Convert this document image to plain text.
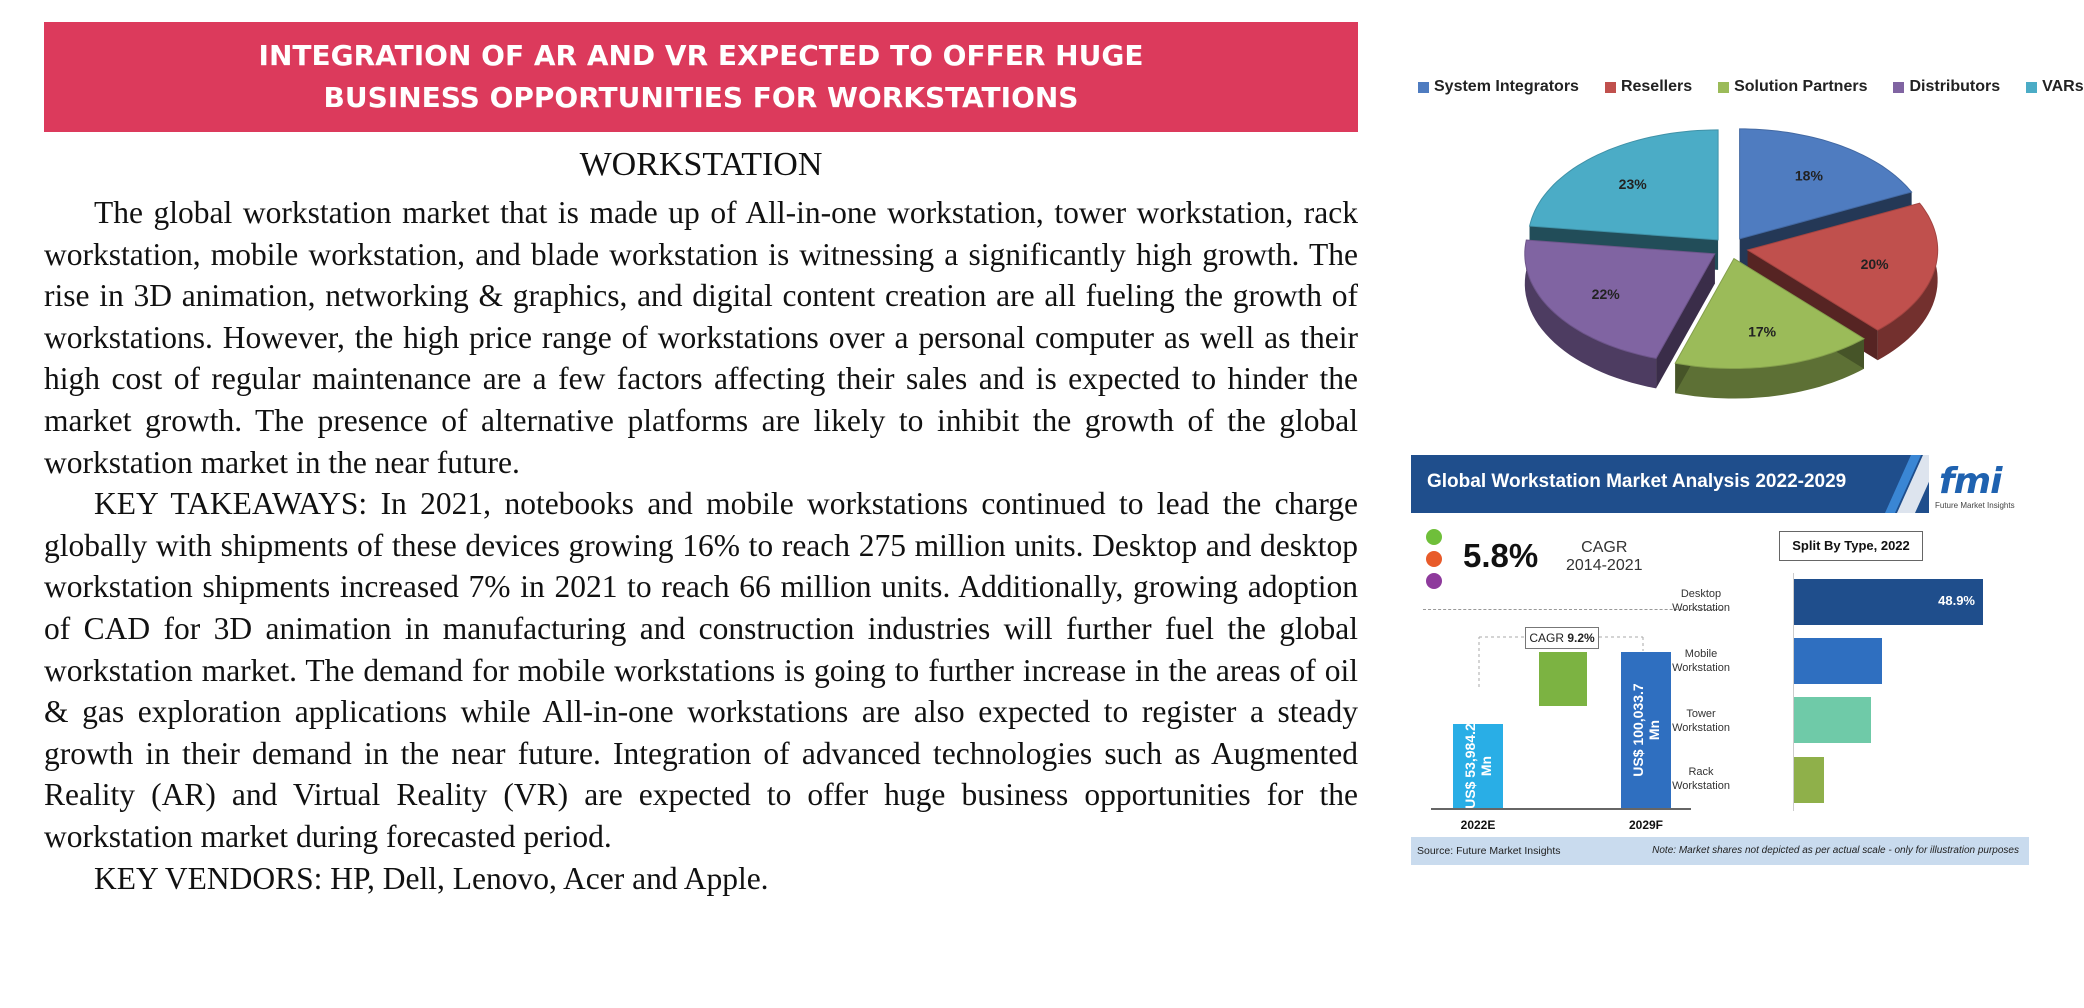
INTEGRATION OF AR AND VR EXPECTED TO OFFER HUGE
BUSINESS OPPORTUNITIES FOR WORKSTATIONS
WORKSTATION

The global workstation market that is made up of All-in-one workstation, tower workstation, rack workstation, mobile workstation, and blade workstation is witnessing a significantly high growth. The rise in 3D animation, networking & graphics, and digital content creation are all fueling the growth of workstations. However, the high price range of workstations over a personal computer as well as their high cost of regular maintenance are a few factors affecting their sales and is expected to hinder the market growth. The presence of alternative platforms are likely to inhibit the growth of the global workstation market in the near future.

KEY TAKEAWAYS: In 2021, notebooks and mobile workstations continued to lead the charge globally with shipments of these devices growing 16% to reach 275 million units. Desktop and desktop workstation shipments increased 7% in 2021 to reach 66 million units. Additionally, growing adoption of CAD for 3D animation in manufacturing and construction industries will further fuel the global workstation market. The demand for mobile workstations is going to further increase in the areas of oil & gas exploration applications while All-in-one workstations are also expected to register a steady growth in their demand in the near future. Integration of advanced technologies such as Augmented Reality (AR) and Virtual Reality (VR) are expected to offer huge business opportunities for the workstation market during forecasted period.

KEY VENDORS: HP, Dell, Lenovo, Acer and Apple.

System Integrators	Resellers	Solution Partners	Distributors	VARs
18%
20%
17%
22%
23%
Global Workstation Market Analysis 2022-2029	fmi
Future Market Insights
5.8%	CAGR
2014-2021
CAGR 9.2%
US$ 53,984.2 Mn	US$ 100,033.7 Mn
2022E	2029F
Split By Type, 2022
Desktop
Workstation
Mobile
Workstation
Tower
Workstation
Rack
Workstation
48.9%
Source: Future Market Insights	Note: Market shares not depicted as per actual scale - only for illustration purposes
